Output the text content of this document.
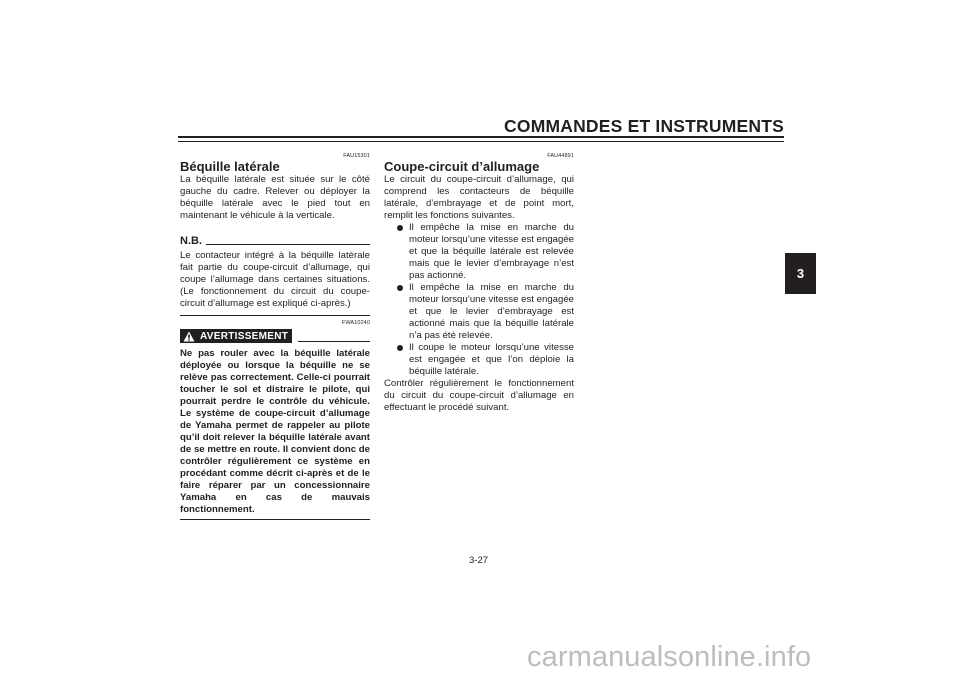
COMMANDES ET INSTRUMENTS
3
FAU15301
Béquille latérale

La béquille latérale est située sur le côté gauche du cadre. Relever ou déployer la béquille latérale avec le pied tout en maintenant le véhicule à la verticale.

N.B.

Le contacteur intégré à la béquille latérale fait partie du coupe-circuit d’allumage, qui coupe l’allumage dans certaines situations. (Le fonctionnement du circuit du coupe-circuit d’allumage est expliqué ci-après.)

FWA10240
AVERTISSEMENT

Ne pas rouler avec la béquille latérale déployée ou lorsque la béquille ne se relève pas correctement. Celle-ci pourrait toucher le sol et distraire le pilote, qui pourrait perdre le contrôle du véhicule. Le système de coupe-circuit d’allumage de Yamaha permet de rappeler au pilote qu’il doit relever la béquille latérale avant de se mettre en route. Il convient donc de contrôler régulièrement ce système en procédant comme décrit ci-après et de le faire réparer par un concessionnaire Yamaha en cas de mauvais fonctionnement.

FAU44891
Coupe-circuit d’allumage

Le circuit du coupe-circuit d’allumage, qui comprend les contacteurs de béquille latérale, d’embrayage et de point mort, remplit les fonctions suivantes.

Il empêche la mise en marche du moteur lorsqu’une vitesse est engagée et que la béquille latérale est relevée mais que le levier d’embrayage n’est pas actionné.
Il empêche la mise en marche du moteur lorsqu’une vitesse est engagée et que le levier d’embrayage est actionné mais que la béquille latérale n’a pas été relevée.
Il coupe le moteur lorsqu’une vitesse est engagée et que l’on déploie la béquille latérale.

Contrôler régulièrement le fonctionnement du circuit du coupe-circuit d’allumage en effectuant le procédé suivant.

3-27
carmanualsonline.info
